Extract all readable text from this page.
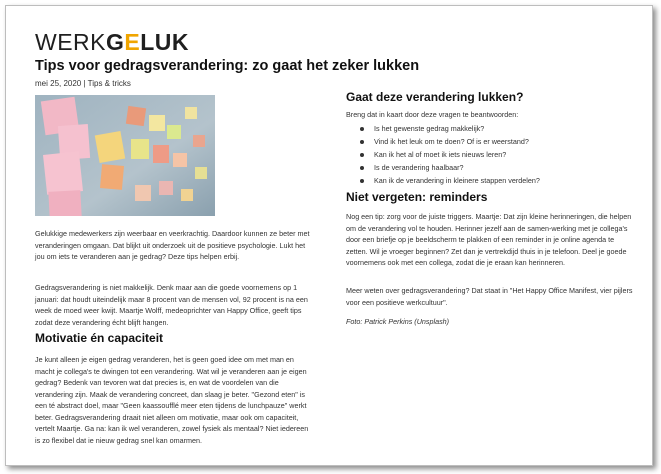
WERKGELUK
Tips voor gedragsverandering: zo gaat het zeker lukken
mei 25, 2020 | Tips & tricks

Gelukkige medewerkers zijn weerbaar en veerkrachtig. Daardoor kunnen ze beter met veranderingen omgaan. Dat blijkt uit onderzoek uit de positieve psychologie. Lukt het jou om iets te veranderen aan je gedrag? Deze tips helpen erbij.

Gedragsverandering is niet makkelijk. Denk maar aan die goede voornemens op 1 januari: dat houdt uiteindelijk maar 8 procent van de mensen vol, 92 procent is na een week de moed weer kwijt. Maartje Wolff, medeoprichter van Happy Office, geeft tips zodat deze verandering écht blijft hangen.

Motivatie én capaciteit

Je kunt alleen je eigen gedrag veranderen, het is geen goed idee om met man en macht je collega's te dwingen tot een verandering. Wat wil je veranderen aan je eigen gedrag? Bedenk van tevoren wat dat precies is, en wat de voordelen van die verandering zijn. Maak de verandering concreet, dan slaag je beter. "Gezond eten" is een té abstract doel, maar "Geen kaassoufflé meer eten tijdens de lunchpauze" werkt beter. Gedragsverandering draait niet alleen om motivatie, maar ook om capaciteit, vertelt Maartje. Ga na: kan ik wel veranderen, zowel fysiek als mentaal? Niet iedereen is zo flexibel dat ie nieuw gedrag snel kan omarmen.

Gaat deze verandering lukken?

Breng dat in kaart door deze vragen te beantwoorden:

Is het gewenste gedrag makkelijk?
Vind ik het leuk om te doen? Of is er weerstand?
Kan ik het al of moet ik iets nieuws leren?
Is de verandering haalbaar?
Kan ik de verandering in kleinere stappen verdelen?
Niet vergeten: reminders

Nog een tip: zorg voor de juiste triggers. Maartje: Dat zijn kleine herinneringen, die helpen om de verandering vol te houden. Herinner jezelf aan de samen-werking met je collega's door een briefje op je beeldscherm te plakken of een reminder in je online agenda te zetten. Wil je vroeger beginnen? Zet dan je vertrekdijd thuis in je telefoon. Deel je goede voornemens ook met een collega, zodat die je eraan kan herinneren.

Meer weten over gedragsverandering? Dat staat in "Het Happy Office Manifest, vier pijlers voor een positieve werkcultuur".

Foto: Patrick Perkins (Unsplash)
